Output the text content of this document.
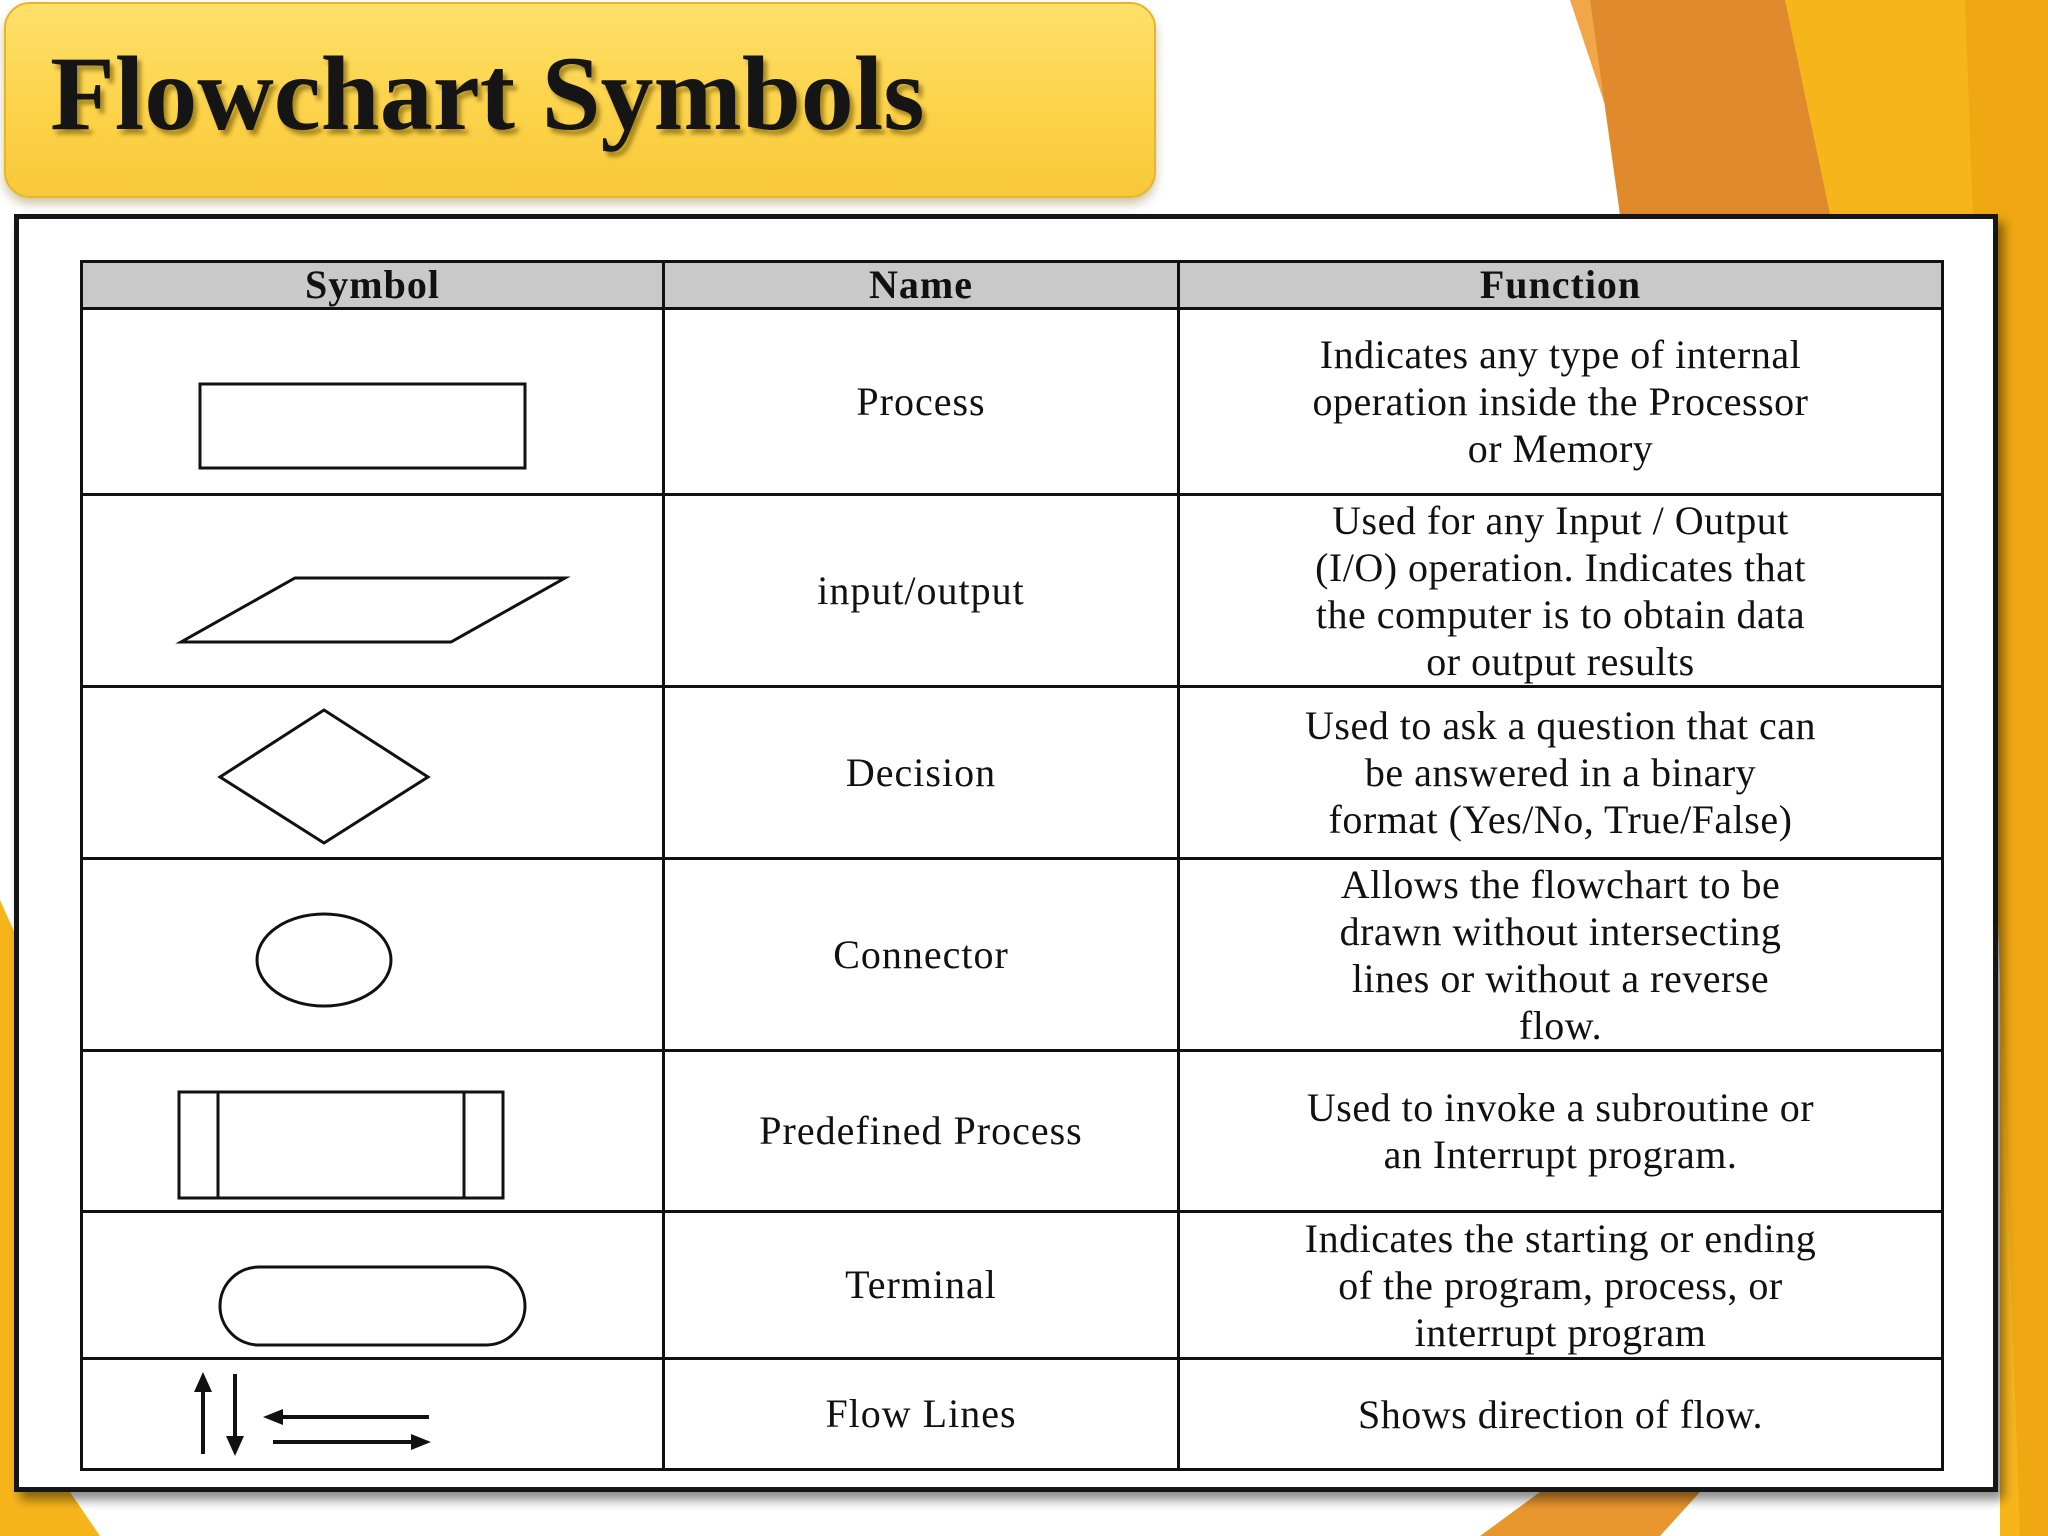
Flowchart Symbols
Symbol	Name	Function

	Process	Indicates any type of internal
operation inside the Processor
or Memory

	input/output	Used for any Input / Output
(I/O) operation. Indicates that
the computer is to obtain data
or output results

	Decision	Used to ask a question that can
be answered in a binary
format (Yes/No, True/False)

	Connector	Allows the flowchart to be
drawn without intersecting
lines or without a reverse
flow.

	Predefined Process	Used to invoke a subroutine or
an Interrupt program.

	Terminal	Indicates the starting or ending
of the program, process, or
interrupt program

	Flow Lines	Shows direction of flow.
